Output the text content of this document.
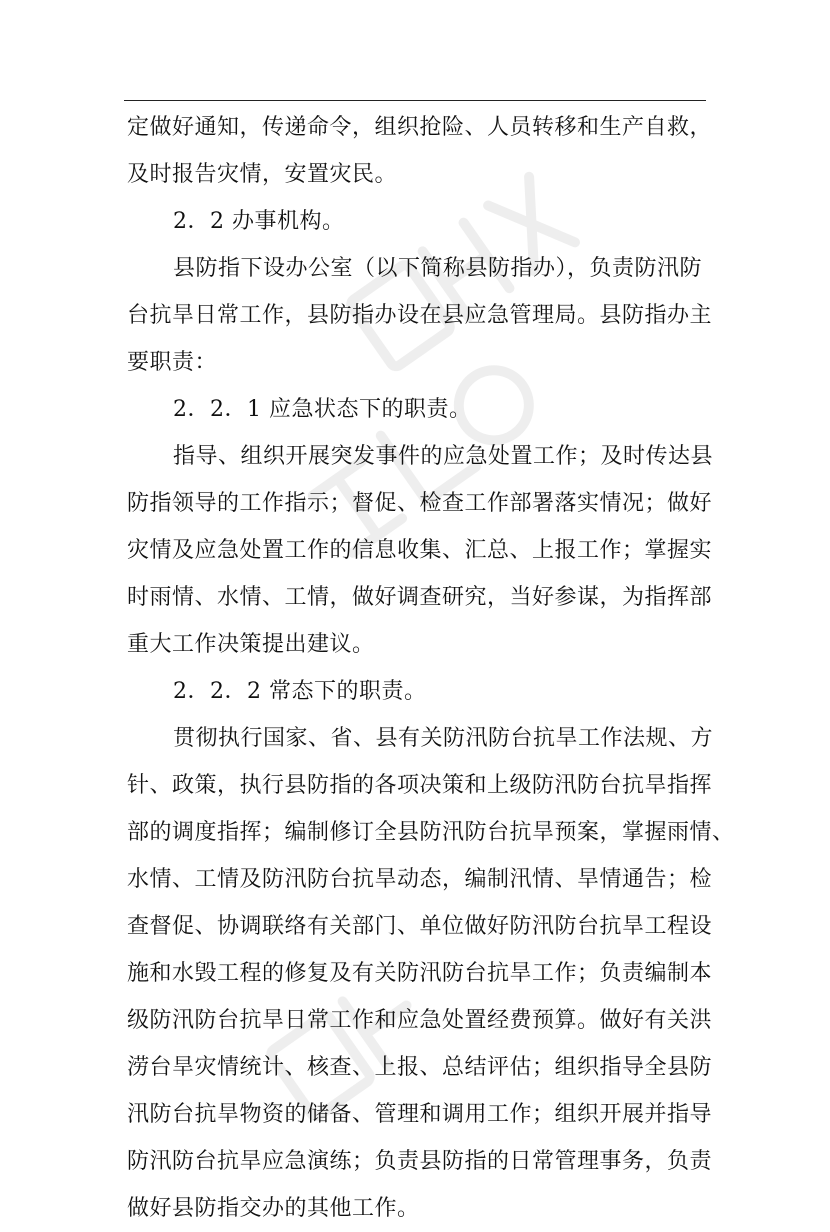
定做好通知，传递命令，组织抢险、人员转移和生产自救，
及时报告灾情，安置灾民。
2．2 办事机构。
县防指下设办公室（以下简称县防指办），负责防汛防
台抗旱日常工作，县防指办设在县应急管理局。县防指办主
要职责：
2．2．1 应急状态下的职责。
指导、组织开展突发事件的应急处置工作；及时传达县
防指领导的工作指示；督促、检查工作部署落实情况；做好
灾情及应急处置工作的信息收集、汇总、上报工作；掌握实
时雨情、水情、工情，做好调查研究，当好参谋，为指挥部
重大工作决策提出建议。
2．2．2 常态下的职责。
贯彻执行国家、省、县有关防汛防台抗旱工作法规、方
针、政策，执行县防指的各项决策和上级防汛防台抗旱指挥
部的调度指挥；编制修订全县防汛防台抗旱预案，掌握雨情、
水情、工情及防汛防台抗旱动态，编制汛情、旱情通告；检
查督促、协调联络有关部门、单位做好防汛防台抗旱工程设
施和水毁工程的修复及有关防汛防台抗旱工作；负责编制本
级防汛防台抗旱日常工作和应急处置经费预算。做好有关洪
涝台旱灾情统计、核查、上报、总结评估；组织指导全县防
汛防台抗旱物资的储备、管理和调用工作；组织开展并指导
防汛防台抗旱应急演练；负责县防指的日常管理事务，负责
做好县防指交办的其他工作。
